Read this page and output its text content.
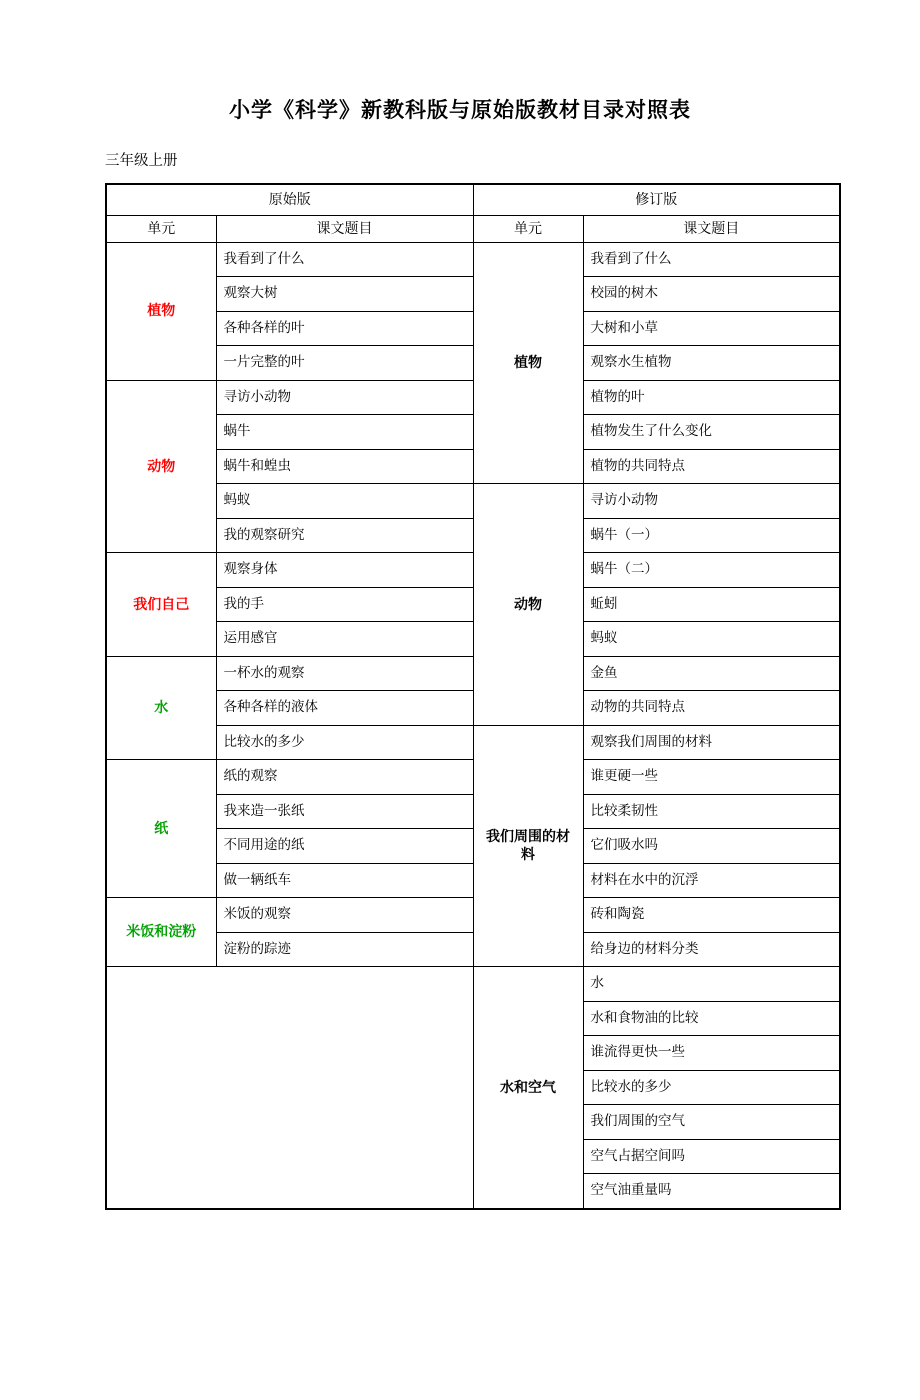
小学《科学》新教科版与原始版教材目录对照表
三年级上册
原始版		修订版	
单元	课文题目	单元	课文题目
植物	我看到了什么	植物	我看到了什么
	观察大树		校园的树木
	各种各样的叶		大树和小草
	一片完整的叶		观察水生植物
动物	寻访小动物		植物的叶
	蜗牛		植物发生了什么变化
	蜗牛和蝗虫		植物的共同特点
	蚂蚁	动物	寻访小动物
	我的观察研究		蜗牛（一）
我们自己	观察身体		蜗牛（二）
	我的手		蚯蚓
	运用感官		蚂蚁
水	一杯水的观察		金鱼
	各种各样的液体		动物的共同特点
	比较水的多少	我们周围的材料	观察我们周围的材料
纸	纸的观察		谁更硬一些
	我来造一张纸		比较柔韧性
	不同用途的纸		它们吸水吗
	做一辆纸车		材料在水中的沉浮
米饭和淀粉	米饭的观察		砖和陶瓷
	淀粉的踪迹		给身边的材料分类
		水和空气	水
			水和食物油的比较
			谁流得更快一些
			比较水的多少
			我们周围的空气
			空气占据空间吗
			空气油重量吗
